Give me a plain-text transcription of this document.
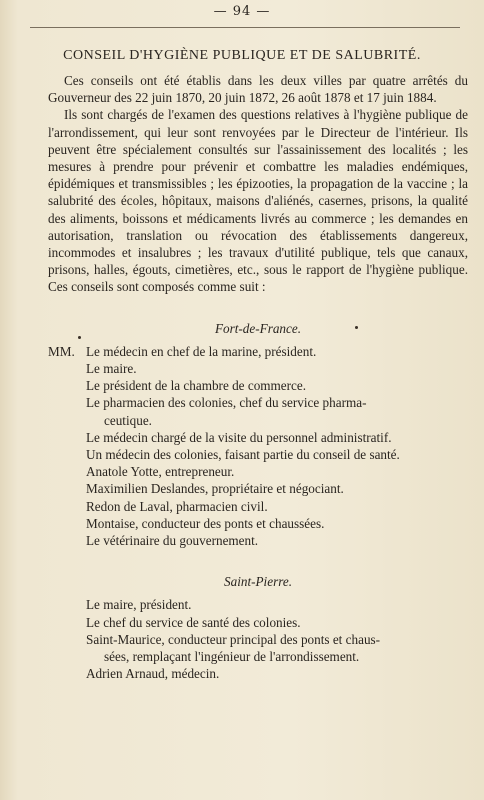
— 94 —
CONSEIL D'HYGIÈNE PUBLIQUE ET DE SALUBRITÉ.

Ces conseils ont été établis dans les deux villes par quatre arrêtés du Gouverneur des 22 juin 1870, 20 juin 1872, 26 août 1878 et 17 juin 1884.

Ils sont chargés de l'examen des questions relatives à l'hygiène publique de l'arrondissement, qui leur sont renvoyées par le Directeur de l'intérieur. Ils peuvent être spécialement consultés sur l'assainissement des localités ; les mesures à prendre pour prévenir et combattre les maladies endémiques, épidémiques et transmissibles ; les épizooties, la propagation de la vaccine ; la salubrité des écoles, hôpitaux, maisons d'aliénés, casernes, prisons, la qualité des aliments, boissons et médicaments livrés au commerce ; les demandes en autorisation, translation ou révocation des établissements dangereux, incommodes et insalubres ; les travaux d'utilité publique, tels que canaux, prisons, halles, égouts, cimetières, etc., sous le rapport de l'hygiène publique. Ces conseils sont composés comme suit :

Fort-de-France.
MM. Le médecin en chef de la marine, président.
Le maire.
Le président de la chambre de commerce.
Le pharmacien des colonies, chef du service pharma-
ceutique.
Le médecin chargé de la visite du personnel administratif.
Un médecin des colonies, faisant partie du conseil de santé.
Anatole Yotte, entrepreneur.
Maximilien Deslandes, propriétaire et négociant.
Redon de Laval, pharmacien civil.
Montaise, conducteur des ponts et chaussées.
Le vétérinaire du gouvernement.
Saint-Pierre.
Le maire, président.
Le chef du service de santé des colonies.
Saint-Maurice, conducteur principal des ponts et chaus-
sées, remplaçant l'ingénieur de l'arrondissement.
Adrien Arnaud, médecin.
